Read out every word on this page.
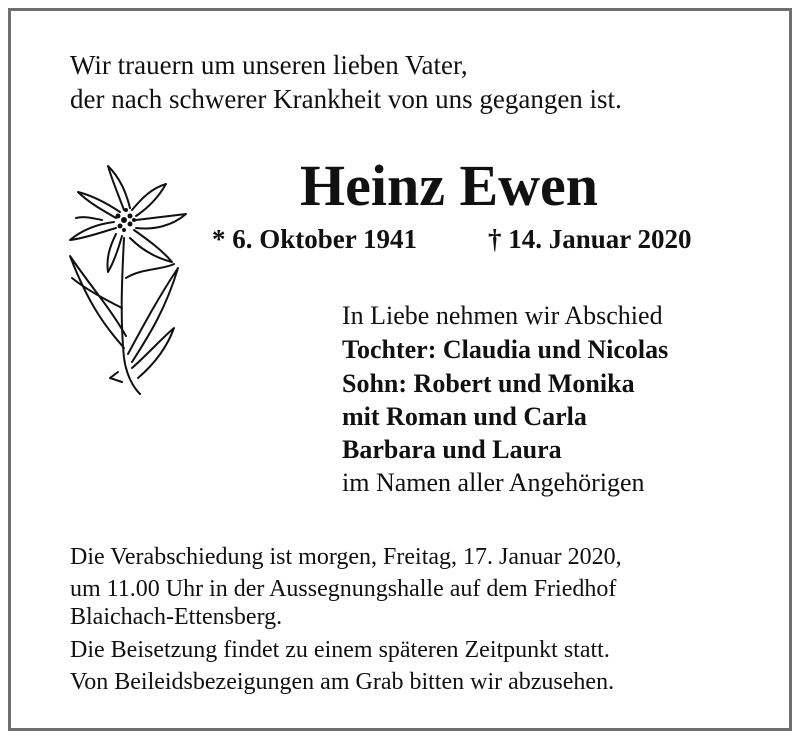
Wir trauern um unseren lieben Vater,
der nach schwerer Krankheit von uns gegangen ist.
Heinz Ewen
* 6. Oktober 1941	† 14. Januar 2020
In Liebe nehmen wir Abschied
Tochter: Claudia und Nicolas
Sohn: Robert und Monika
mit Roman und Carla
Barbara und Laura
im Namen aller Angehörigen
Die Verabschiedung ist morgen, Freitag, 17. Januar 2020,
um 11.00 Uhr in der Aussegnungshalle auf dem Friedhof
Blaichach-Ettensberg.
Die Beisetzung findet zu einem späteren Zeitpunkt statt.
Von Beileidsbezeigungen am Grab bitten wir abzusehen.
